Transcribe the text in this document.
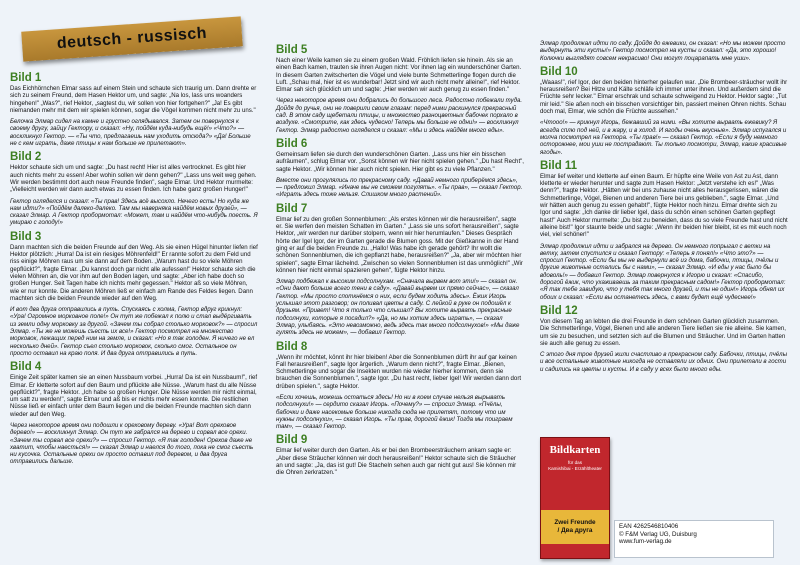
deutsch - russisch
Bild 1

Das Eichhörnchen Elmar sass auf einem Stein und schaute sich traurig um. Dann drehte er sich zu seinem Freund, dem Hasen Hektor um, und sagte: „Na los, lass uns woanders hingehen!" „Was?", rief Hektor, „sagtest du, wir sollen von hier fortgehen?" „Ja! Es gibt niemanden mehr mit dem wir spielen können, sogar die Vögel kommen nicht mehr zu uns."

Белочка Элмар сидел на камне и грустно оглядывался. Затем он повернулся к своему другу, зайцу Гектору, и сказал: «Ну, пойдём куда-нибудь ещё!» «Что?» — воскликнул Гектор. — «Ты что, предлагаешь нам уходить отсюда?» «Да! Больше не с кем играть, даже птицы к нам больше не прилетают».

Bild 2

Hektor schaute sich um und sagte: „Du hast recht! Hier ist alles vertrocknet. Es gibt hier auch nichts mehr zu essen! Aber wohin sollen wir denn gehen?" „Lass uns weit weg gehen. Wir werden bestimmt dort auch neue Freunde finden", sagte Elmar. Und Hektor murmelte: „Vielleicht werden wir dann auch etwas zu essen finden. Ich habe ganz großen Hunger!"

Гектор огляделся и сказал: «Ты прав! Здесь всё высохло. Нечего есть! Но куда же нам идти?» «Пойдём далеко-далеко. Там мы наверняка найдём новых друзей», — сказал Элмар. А Гектор пробормотал: «Может, там и найдём что-нибудь поесть. Я умираю с голоду!»

Bild 3

Dann machten sich die beiden Freunde auf den Weg. Als sie einen Hügel hinunter liefen rief Hektor plötzlich: „Hurra! Da ist ein riesiges Möhrenfeld!" Er rannte sofort zu dem Feld und riss einige Möhren raus um sie dann auf dem Boden. „Warum hast du so viele Möhren gepflückt?", fragte Elmar. „Du kannst doch gar nicht alle aufessen!" Hektor schaute sich die vielen Möhren an, die vor ihm auf den Boden lagen, und sagte: „Aber ich habe doch so großen Hunger. Seit Tagen habe ich nichts mehr gegessen." Hektor aß so viele Möhren, wie er nur konnte. Die anderen Möhren ließ er einfach am Rande des Feldes liegen. Dann machten sich die beiden Freunde wieder auf den Weg.

И вот два друга отправились в путь. Спускаясь с холма, Гектор вдруг крикнул: «Ура! Огромное морковное поле!» Он тут же побежал к полю и стал выдёргивать из земли одну морковку за другой. «Зачем ты собрал столько морковок?» — спросил Элмар. «Ты же не можешь съесть их все!» Гектор посмотрел на множество морковок, лежащих перед ним на земле, и сказал: «Но я так голоден. Я ничего не ел несколько дней». Гектор съел столько морковок, сколько смог. Остальное он просто оставил на краю поля. И два друга отправились в путь.

Bild 4

Einige Zeit später kamen sie an einen Nussbaum vorbei. „Hurra! Da ist ein Nussbaum!", rief Elmar. Er kletterte sofort auf den Baum und pflückte alle Nüsse. „Warum hast du alle Nüsse gepflückt?", fragte Hektor. „Ich habe so großen Hunger. Die Nüsse werden mir nicht einmal, um satt zu werden!", sagte Elmar und aß bis er nichts mehr essen konnte. Die restlichen Nüsse ließ er einfach unter dem Baum liegen und die beiden Freunde machten sich dann wieder auf den Weg.

Через некоторое время они подошли к ореховому дереву. «Ура! Вот ореховое дерево!» — воскликнул Элмар. Он тут же забрался на дерево и сорвал все орехи. «Зачем ты сорвал все орехи?» — спросил Гектор. «Я так голоден! Орехов даже не хватит, чтобы наесться!» — сказал Элмар и наелся до того, пока не смог съесть ни кусочка. Остальные орехи он просто оставил под деревом, и два друга отправились дальше.

Bild 5

Nach einer Weile kamen sie zu einem großen Wald. Fröhlich liefen sie hinein. Als sie an einen Bach kamen, trauten sie ihren Augen nicht: Vor ihnen lag ein wunderschöner Garten. In diesem Garten zwitscherten die Vögel und viele bunte Schmetterlinge flogen durch die Luft. „Schau mal, hier ist es wunderbar! Jetzt sind wir auch nicht mehr alleine!", rief Hektor. Elmar sah sich glücklich um und sagte: „Hier werden wir auch genug zu essen finden."

Через некоторое время они добрались до большого леса. Радостно побежали туда. Дойдя до ручья, они не поверили своим глазам: перед ними раскинулся прекрасный сад. В этом саду щебетали птицы, и множество разноцветных бабочек порхало в воздухе. «Смотрите, как здесь чудесно! Теперь мы больше не одни!» — воскликнул Гектор. Элмар радостно огляделся и сказал: «Мы и здесь найдём много еды».

Bild 6

Gemeinsam liefen sie durch den wunderschönen Garten. „Lass uns hier ein bisschen aufräumen", schlug Elmar vor. „Sonst können wir hier nicht spielen gehen." „Du hast Recht", sagte Hektor. „Wir können hier auch nicht spielen. Hier gibt es zu viele Pflanzen."

Вместе они прогулялись по прекрасному саду. «Давай немного приберёмся здесь», — предложил Элмар. «Иначе мы не сможем погулять». «Ты прав», — сказал Гектор. «Играть здесь тоже нельзя. Слишком много растений».

Bild 7

Elmar lief zu den großen Sonnenblumen: „Als erstes können wir die herausreißen", sagte er. Sie werfen den meisten Schatten im Garten." „Lass sie uns sofort herausreißen", sagte Hektor, „wir werden nur darüber stolpern, wenn wir hier herumlaufen." Dieses Gespräch hörte der Igel Igor, der im Garten gerade die Blumen goss. Mit der Gießkanne in der Hand ging er auf die beiden Freunde zu. „Hallo! Was habe ich gerade gehört? Ihr wollt die schönen Sonnenblumen, die ich gepflanzt habe, herausreißen?" „Ja, aber wir möchten hier spielen", sagte Elmar lächelnd. „Zwischen so vielen Sonnenblumen ist das unmöglich!" „Wir können hier nicht einmal spazieren gehen", fügte Hektor hinzu.

Элмар подбежал к высоким подсолнухам. «Сначала вырвем вот эти!» — сказал он. «Они дают больше всего тени в саду». «Давай вырвем их прямо сейчас», — сказал Гектор. «Мы просто споткнёмся о них, если будем ходить здесь». Ёжик Игорь услышал этот разговор; он поливал цветы в саду. С лейкой в руке он подошёл к друзьям. «Привет! Что я только что слышал? Вы хотите вырвать прекрасные подсолнухи, которые я посадил?» «Да, но мы хотим здесь играть», — сказал Элмар, улыбаясь. «Это невозможно, ведь здесь так много подсолнухов!» «Мы даже гулять здесь не можем», — добавил Гектор.

Bild 8

„Wenn ihr möchtet, könnt ihr hier bleiben! Aber die Sonnenblumen dürft ihr auf gar keinen Fall herausreißen!", sagte Igor ärgerlich. „Warum denn nicht?", fragte Elmar. „Bienen, Schmetterlinge und sogar die Insekten wurden nie wieder hierher kommen, denn sie brauchen die Sonnenblumen.", sagte Igor. „Du hast recht, lieber Igel! Wir werden dann dort drüben spielen.", sagte Hektor.

«Если хочешь, можешь остаться здесь! Но ни в коем случае нельзя вырывать подсолнухи!» — сердито сказал Игорь. «Почему?» — спросил Элмар. «Пчёлы, бабочки и даже насекомые больше никогда сюда не прилетят, потому что им нужны подсолнухи», — сказал Игорь. «Ты прав, дорогой ёжик! Тогда мы поиграем там», — сказал Гектор.

Bild 9

Elmar lief weiter durch den Garten. Als er bei den Brombeersträuchern ankam sagte er: „Aber diese Sträucher können wir doch herausreißen!" Hektor schaute sich die Sträucher an und sagte: „Ja, das ist gut! Die Stacheln sehen auch gar nicht gut aus! Sie können mir die Ohren zerkratzen."

Элмар продолжал идти по саду. Дойдя до ежевики, он сказал: «Но мы можем просто выдернуть эти кусты!» Гектор посмотрел на кусты и сказал: «Да, это хорошо! Колючки выглядят совсем некрасиво! Они могут поцарапать мне уши».

Bild 10

„Waaas!", rief Igor, der den beiden hinterher gelaufen war. „Die Brombeer-sträucher wollt ihr herausreißen? Bei Hitze und Kälte schläfe ich immer unter ihnen. Und außerdem sind die Früchte sehr lecker." Elmar erschrak und schaute schweigend zu Hektor. Hektor sagte: „Tut mir leid." Sie aßen noch ein bisschen vorsichtiger bin, passiert meinen Ohren nichts. Schau doch mal, Elmar, wie schön die Früchte aussehen."

«Чтооо!» — крикнул Игорь, бежавший за ними. «Вы хотите вырвать ежевику? Я всегда сплю под ней, и в жару, и в холод. И ягоды очень вкусные». Элмар испугался и молча посмотрел на Гектора. «Ты прав!» — сказал Гектор. «Если я буду немного осторожнее, мои уши не пострадают. Ты только посмотри, Элмар, какие красивые ягоды».

Bild 11

Elmar lief weiter und kletterte auf einen Baum. Er hüpfte eine Weile von Ast zu Ast, dann kletterte er wieder herunter und sagte zum Hasen Hektor: „Jetzt verstehe ich es!" „Was denn?", fragte Hektor. „Hätten wir bei uns zuhause nicht alles herausgerissen, wären die Schmetterlinge, Vögel, Bienen und anderen Tiere bei uns geblieben.", sagte Elmar. „Und wir hätten auch genug zu essen gehabt!", fügte Hektor noch hinzu. Elmar drehte sich zu Igor und sagte: „Ich danke dir lieber Igel, dass du schön einen schönen Garten gepflegt hast!" Auch Hektor murmelte: „Du bist zu beneiden, dass du so viele Freunde hast und nicht alleine bist!" Igor staunte beide und sagte: „Wenn ihr beiden hier bleibt, ist es mit euch noch viel, viel schöner!"

Элмар продолжил идти и забрался на дерево. Он немного попрыгал с ветки на ветку, затем спустился и сказал Гектору: «Теперь я понял!» «Что это?» — спросил Гектор. «Если бы мы не выдернули всё из дома, бабочки, птицы, пчёлы и другие животные остались бы с нами», — сказал Элмар. «И еды у нас было бы вдоволь!» — добавил Гектор. Элмар повернулся к Игорю и сказал: «Спасибо, дорогой ёжик, что ухаживаешь за таким прекрасным садом!» Гектор пробормотал: «Я так тебе завидую, что у тебя так много друзей, и ты не один!» Игорь обнял их обоих и сказал: «Если вы останетесь здесь, с вами будет ещё чудеснее!»

Bild 12

Von diesem Tag an lebten die drei Freunde in dem schönen Garten glücklich zusammen. Die Schmetterlinge, Vögel, Bienen und alle anderen Tiere ließen sie nie alleine. Sie kamen, um sie zu besuchen, und setzten sich auf die Blumen und Sträucher. Und im Garten hatten sie auch alle genug zu essen.

С этого дня трое друзей жили счастливо в прекрасном саду. Бабочки, птицы, пчёлы и все остальные животные никогда не оставляли их одних. Они прилетали в гости и садились на цветы и кусты. И в саду у всех было много еды.

Bildkarten
für das
Kamishibai - Erzähltheater
Zwei Freunde
/ Два друга
EAN 4262546810406
© F&M Verlag UG, Duisburg
www.fum-verlag.de
